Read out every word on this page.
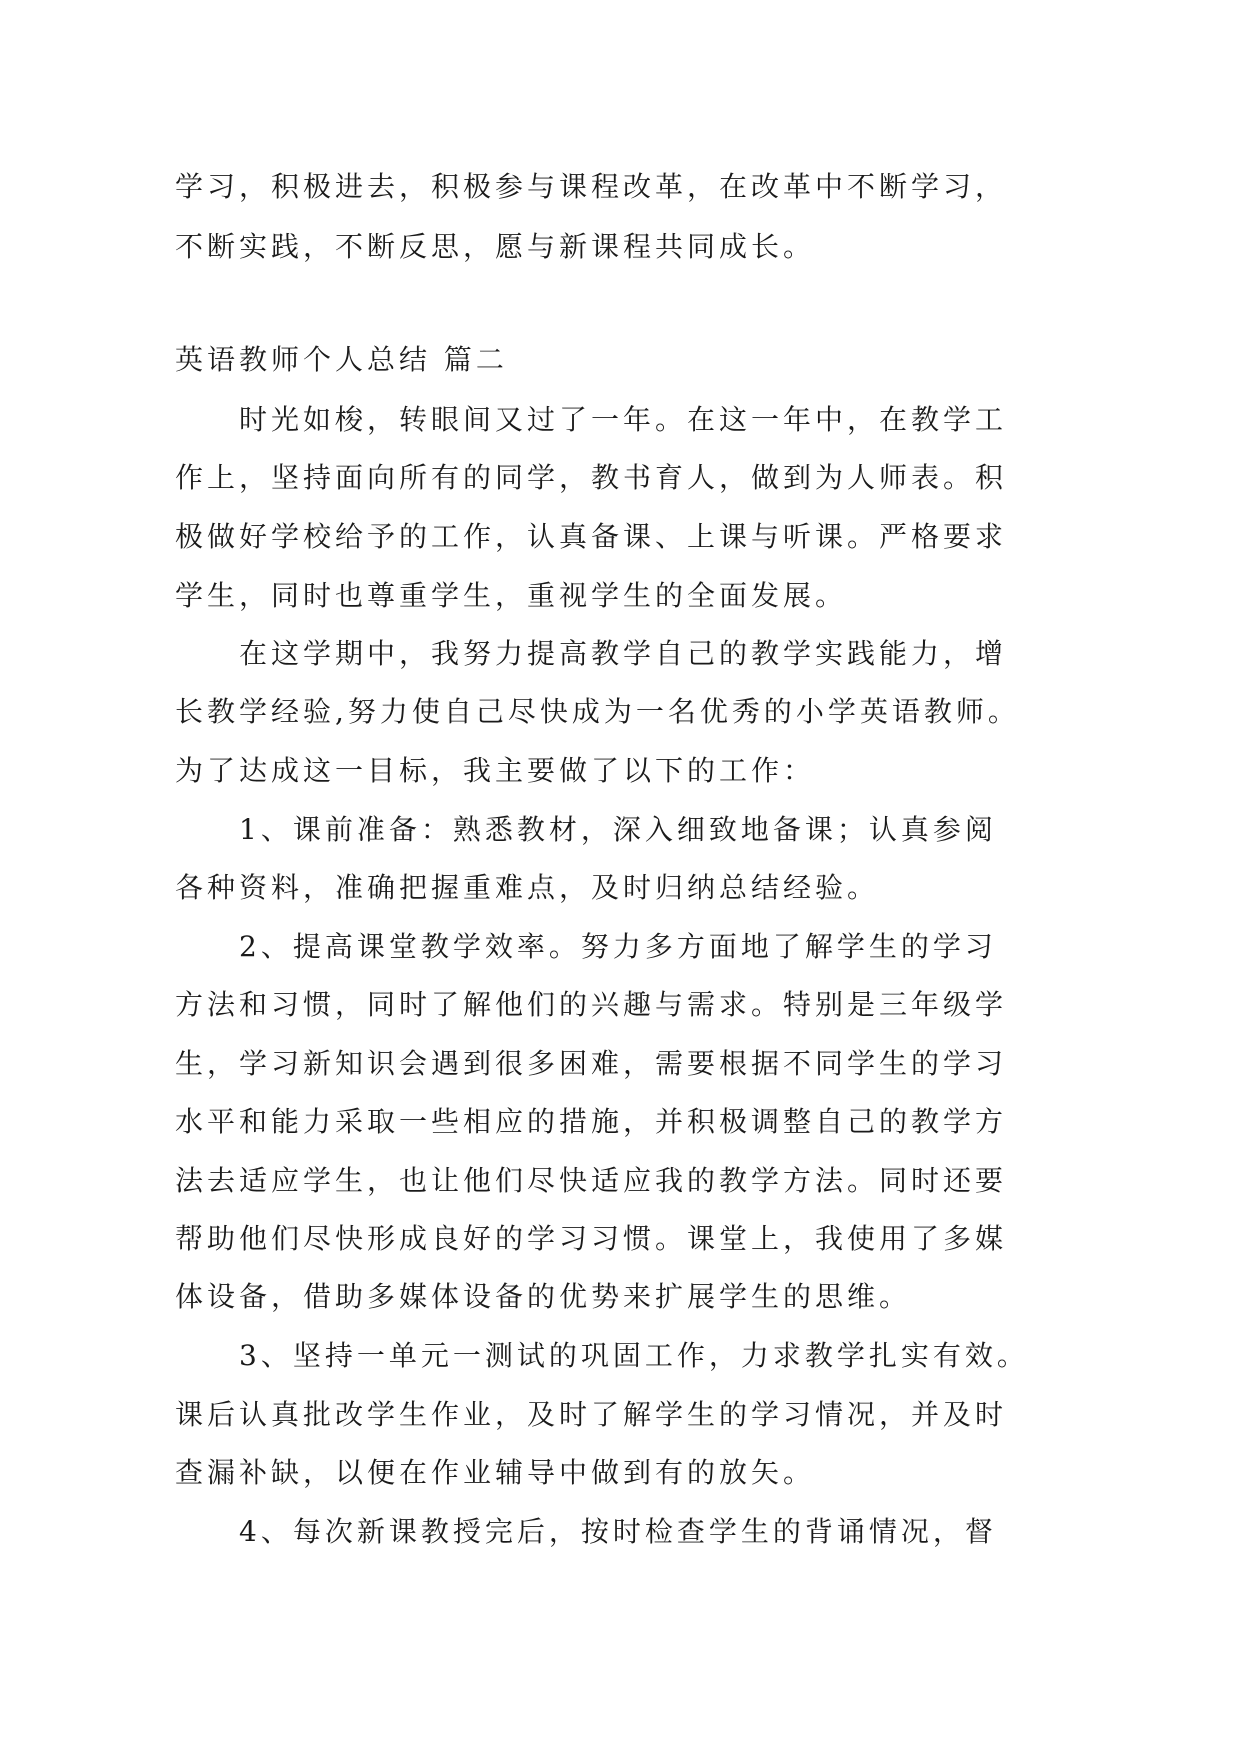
学习，积极进去，积极参与课程改革，在改革中不断学习，
不断实践，不断反思，愿与新课程共同成长。
英语教师个人总结 篇二
时光如梭，转眼间又过了一年。在这一年中，在教学工
作上，坚持面向所有的同学，教书育人，做到为人师表。积
极做好学校给予的工作，认真备课、上课与听课。严格要求
学生，同时也尊重学生，重视学生的全面发展。
在这学期中，我努力提高教学自己的教学实践能力，增
长教学经验,努力使自己尽快成为一名优秀的小学英语教师。
为了达成这一目标，我主要做了以下的工作：
1、课前准备：熟悉教材，深入细致地备课；认真参阅
各种资料，准确把握重难点，及时归纳总结经验。
2、提高课堂教学效率。努力多方面地了解学生的学习
方法和习惯，同时了解他们的兴趣与需求。特别是三年级学
生，学习新知识会遇到很多困难，需要根据不同学生的学习
水平和能力采取一些相应的措施，并积极调整自己的教学方
法去适应学生，也让他们尽快适应我的教学方法。同时还要
帮助他们尽快形成良好的学习习惯。课堂上，我使用了多媒
体设备，借助多媒体设备的优势来扩展学生的思维。
3、坚持一单元一测试的巩固工作，力求教学扎实有效。
课后认真批改学生作业，及时了解学生的学习情况，并及时
查漏补缺，以便在作业辅导中做到有的放矢。
4、每次新课教授完后，按时检查学生的背诵情况，督
